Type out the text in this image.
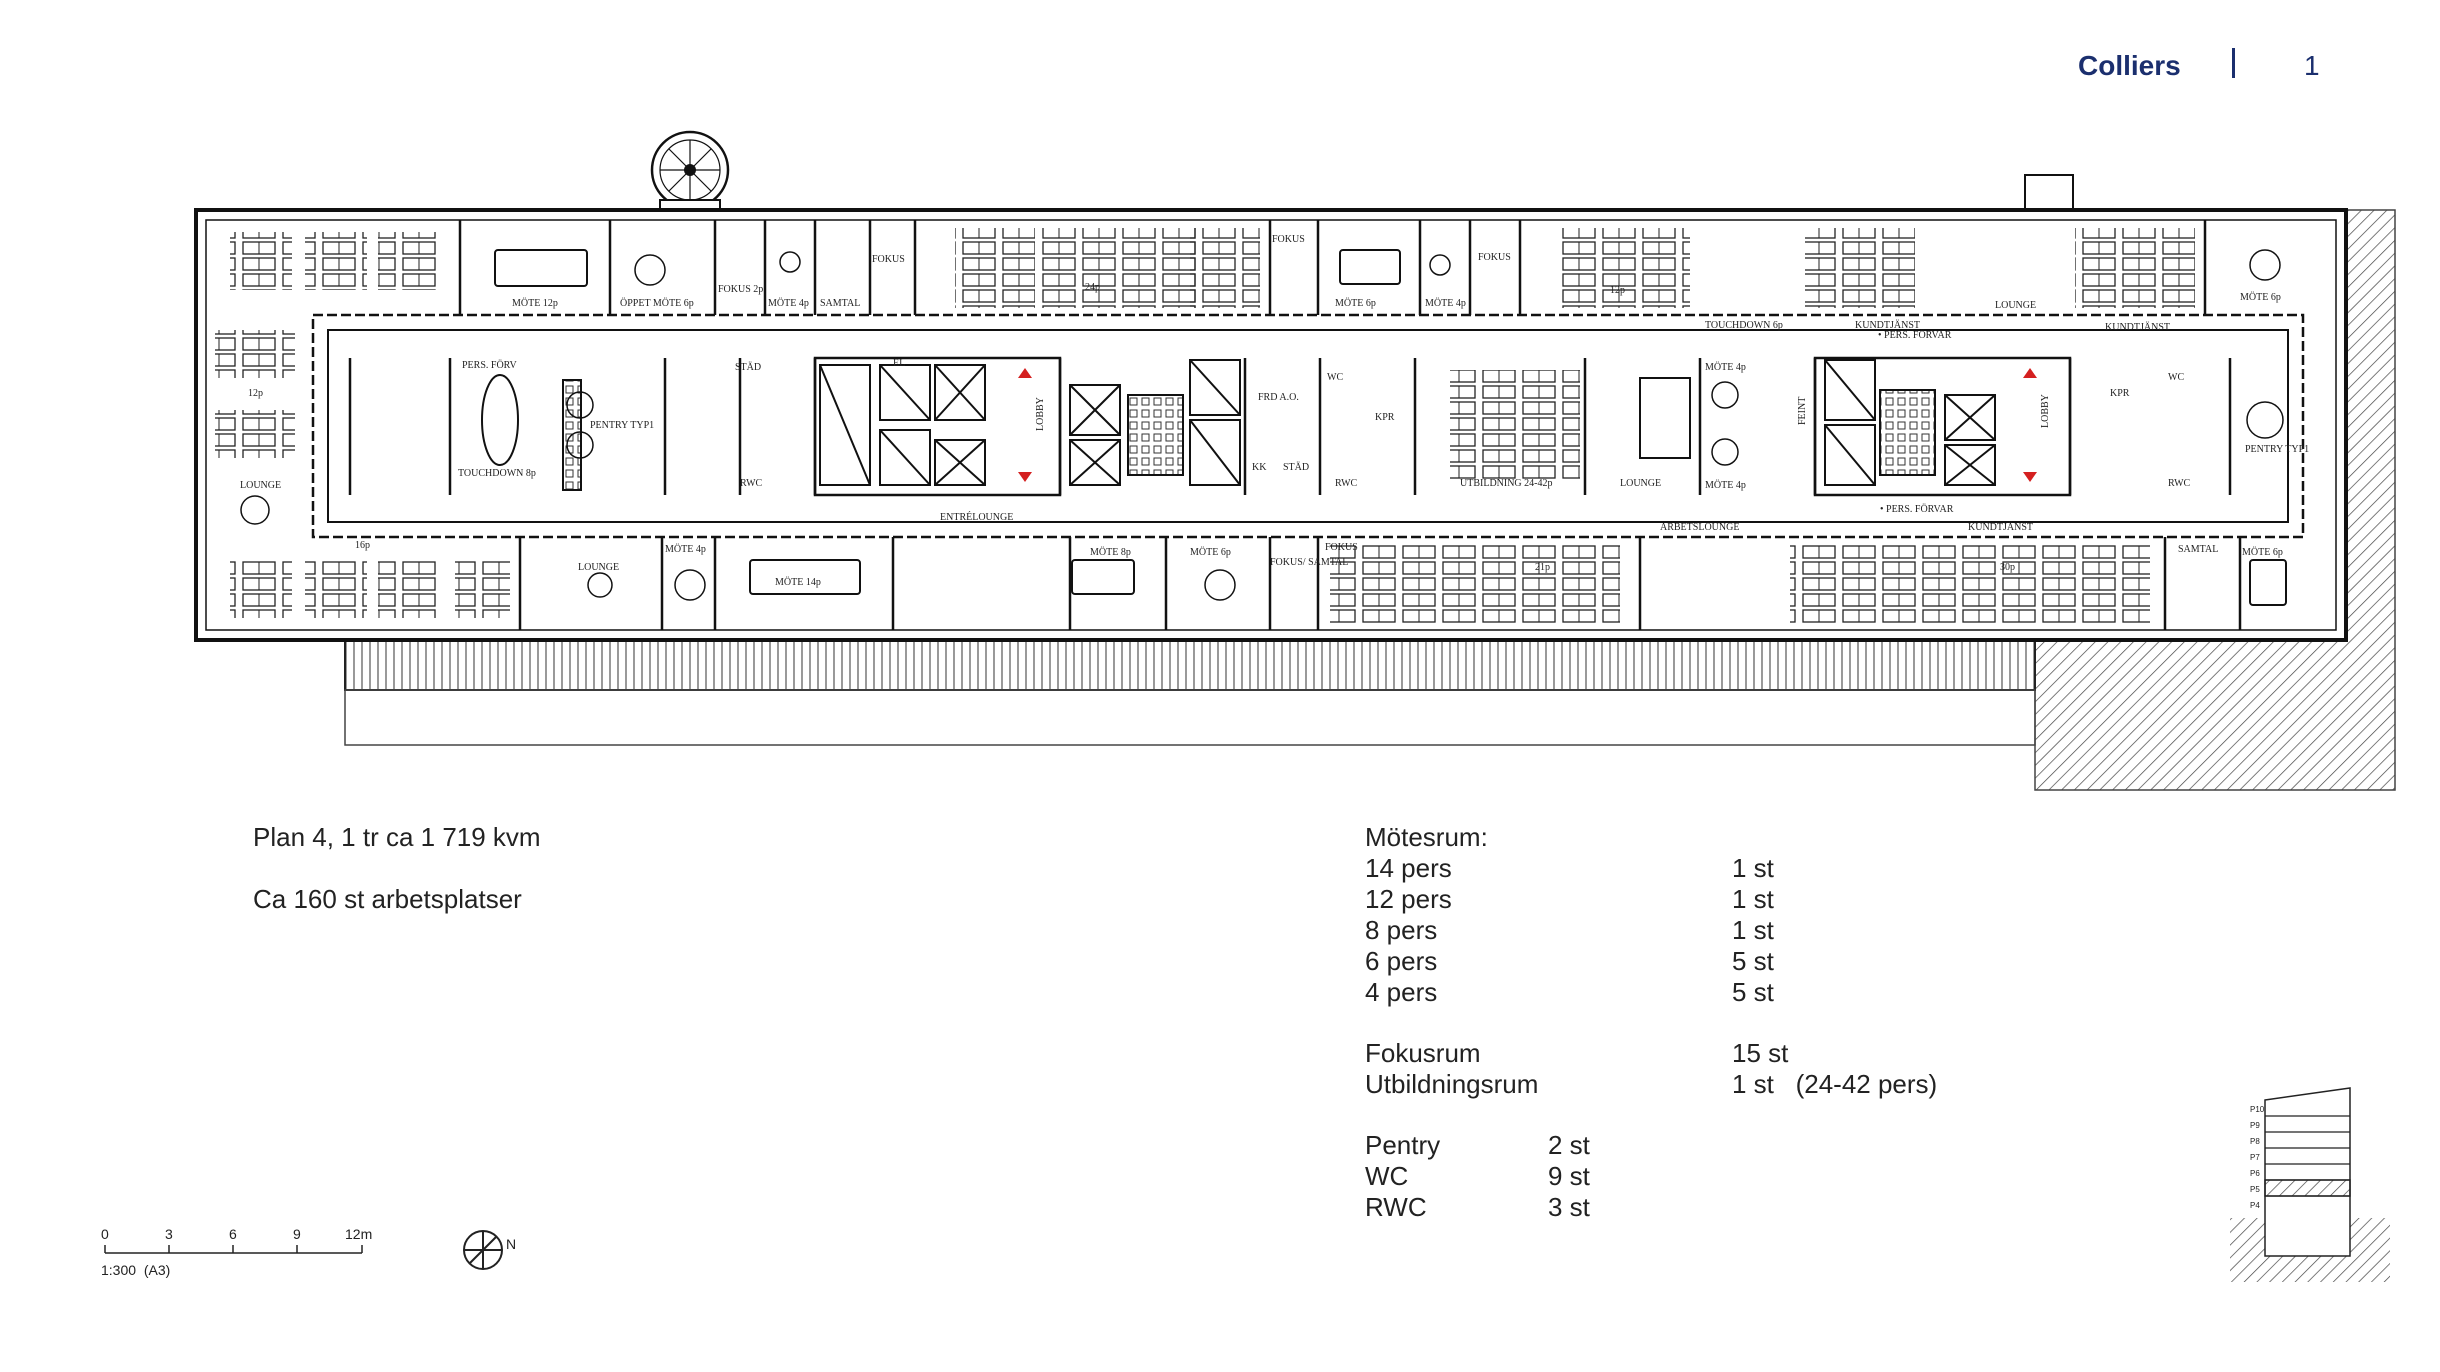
Colliers	1
MÖTE 12p	ÖPPET MÖTE 6p
FOKUS 2p
MÖTE 4p SAMTAL
FOKUS
24p
FOKUS
MÖTE 6p	MÖTE 4p
FOKUS
12p
TOUCHDOWN 6p	KUNDTJÄNST
LOUNGE
KUNDTJÄNST
MÖTE 6p
12p
LOUNGE
16p
PENTRY TYP1
TOUCHDOWN 8p
PERS. FÖRV	STÄD
RWC
EL
LOBBY
ENTRÉLOUNGE
FRD A.O.
KK STÄD
WC
KPR
RWC	UTBILDNING 24-42p	LOUNGE
MÖTE 4p
MÖTE 4p
FEINT	LOBBY
• PERS. FÖRVAR
• PERS. FÖRVAR
KPR
WC
RWC
PENTRY TYP1
ARBETSLOUNGE	KUNDTJÄNST
MÖTE 4p
MÖTE 14p
MÖTE 8p	MÖTE 6p
FOKUS/ SAMTAL
FOKUS
21p	30p
SAMTAL MÖTE 6p
LOUNGE
P10
P9
P8
P7
P6
P5
P4
Plan 4, 1 tr ca 1 719 kvm
Ca 160 st arbetsplatser
Mötesrum:
14 pers	1 st
12 pers	1 st
8 pers	1 st
6 pers	5 st
4 pers	5 st
Fokusrum	15 st
Utbildningsrum	1 st   (24-42 pers)
Pentry	2 st
WC	9 st
RWC	3 st
0	3	6	9	12m
1:300  (A3)
N
